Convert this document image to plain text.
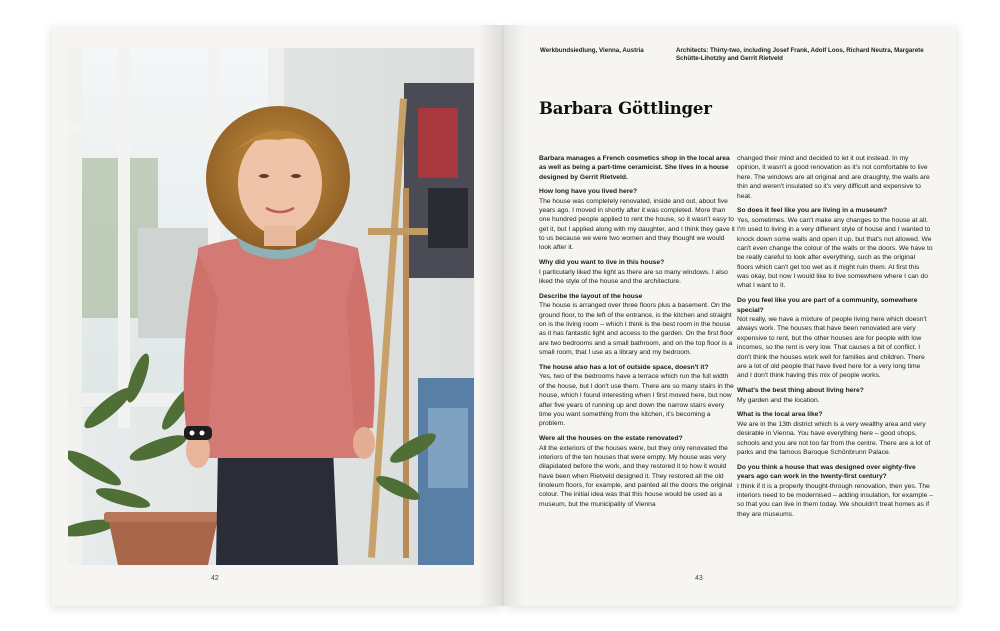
42
Werkbundsiedlung, Vienna, Austria	Architects: Thirty-two, including Josef Frank, Adolf Loos, Richard Neutra, Margarete Schütte-Lihotzky and Gerrit Rietveld
Barbara Göttlinger

Barbara manages a French cosmetics shop in the local area as well as being a part-time ceramicist. She lives in a house designed by Gerrit Rietveld.

How long have you lived here?

The house was completely renovated, inside and out, about five years ago. I moved in shortly after it was completed. More than one hundred people applied to rent the house, so it wasn't easy to get it, but I applied along with my daughter, and I think they gave it to us because we were two women and they thought we would look after it.

Why did you want to live in this house?

I particularly liked the light as there are so many windows. I also liked the style of the house and the architecture.

Describe the layout of the house

The house is arranged over three floors plus a basement. On the ground floor, to the left of the entrance, is the kitchen and straight on is the living room – which I think is the best room in the house as it has fantastic light and access to the garden. On the first floor are two bedrooms and a small bathroom, and on the top floor is a small room, that I use as a library and my bedroom.

The house also has a lot of outside space, doesn't it?

Yes, two of the bedrooms have a terrace which run the full width of the house, but I don't use them. There are so many stairs in the house, which I found interesting when I first moved here, but now after five years of running up and down the narrow stairs every time you want something from the kitchen, it's becoming a problem.

Were all the houses on the estate renovated?

All the exteriors of the houses were, but they only renovated the interiors of the ten houses that were empty. My house was very dilapidated before the work, and they restored it to how it would have been when Rietveld designed it. They restored all the old linoleum floors, for example, and painted all the doors the original colour. The initial idea was that this house would be used as a museum, but the municipality of Vienna

changed their mind and decided to let it out instead. In my opinion, it wasn't a good renovation as it's not comfortable to live here. The windows are all original and are draughty, the walls are thin and weren't insulated so it's very difficult and expensive to heat.

So does it feel like you are living in a museum?

Yes, sometimes. We can't make any changes to the house at all. I'm used to living in a very different style of house and I wanted to knock down some walls and open it up, but that's not allowed. We can't even change the colour of the walls or the doors. We have to be really careful to look after everything, such as the original floors which can't get too wet as it might ruin them. At first this was okay, but now I would like to live somewhere where I can do what I want to it.

Do you feel like you are part of a community, somewhere special?

Not really, we have a mixture of people living here which doesn't always work. The houses that have been renovated are very expensive to rent, but the other houses are for people with low incomes, so the rent is very low. That causes a bit of conflict. I don't think the houses work well for families and children. There are a lot of old people that have lived here for a very long time and I don't think having this mix of people works.

What's the best thing about living here?

My garden and the location.

What is the local area like?

We are in the 13th district which is a very wealthy area and very desirable in Vienna. You have everything here – good shops, schools and you are not too far from the centre. There are a lot of parks and the famous Baroque Schönbrunn Palace.

Do you think a house that was designed over eighty-five years ago can work in the twenty-first century?

I think if it is a properly thought-through renovation, then yes. The interiors need to be modernised – adding insulation, for example – so that you can live in them today. We shouldn't treat homes as if they are museums.

43
